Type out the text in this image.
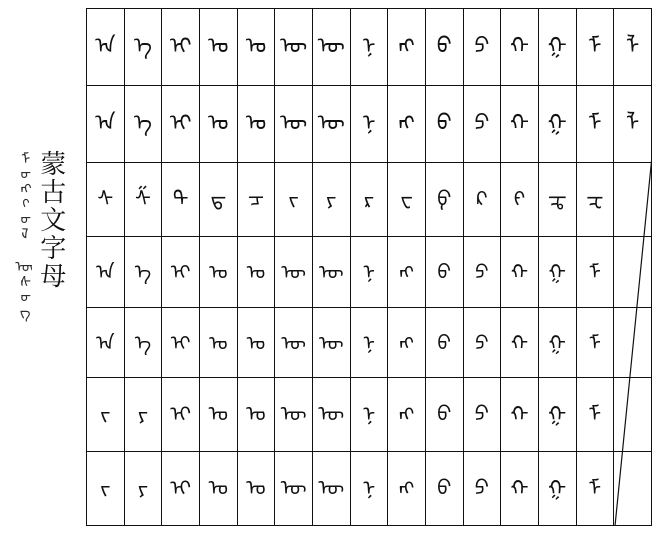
ᠮᠣᠩᠭᠣᠯ ᠦᠰᠦᠭ 蒙古文字母
ᠠ	ᠡ	ᠢ	ᠣ	ᠤ	ᠥ	ᠦ	ᠨ	ᠩ	ᠪ	ᠫ	ᠬ	ᠭ	ᠮ	ᠯ
ᠠ	ᠡ	ᠢ	ᠣ	ᠤ	ᠥ	ᠦ	ᠨ	ᠩ	ᠪ	ᠫ	ᠬ	ᠭ	ᠮ	ᠯ
ᠰ	ᠱ	ᠲ	ᠳ	ᠴ	ᠵ	ᠶ	ᠷ	ᠸ	ᠹ	ᠺ	ᠻ	ᠼ	ᠽ	
ᠠ	ᠡ	ᠢ	ᠣ	ᠤ	ᠥ	ᠦ	ᠨ	ᠩ	ᠪ	ᠫ	ᠬ	ᠭ	ᠮ	
ᠠ	ᠡ	ᠢ	ᠣ	ᠤ	ᠥ	ᠦ	ᠨ	ᠩ	ᠪ	ᠫ	ᠬ	ᠭ	ᠮ	
ᠵ	ᠶ	ᠢ	ᠣ	ᠤ	ᠥ	ᠦ	ᠨ	ᠩ	ᠪ	ᠫ	ᠬ	ᠭ	ᠮ	
ᠵ	ᠶ	ᠢ	ᠣ	ᠤ	ᠥ	ᠦ	ᠨ	ᠩ	ᠪ	ᠫ	ᠬ	ᠭ	ᠮ	
